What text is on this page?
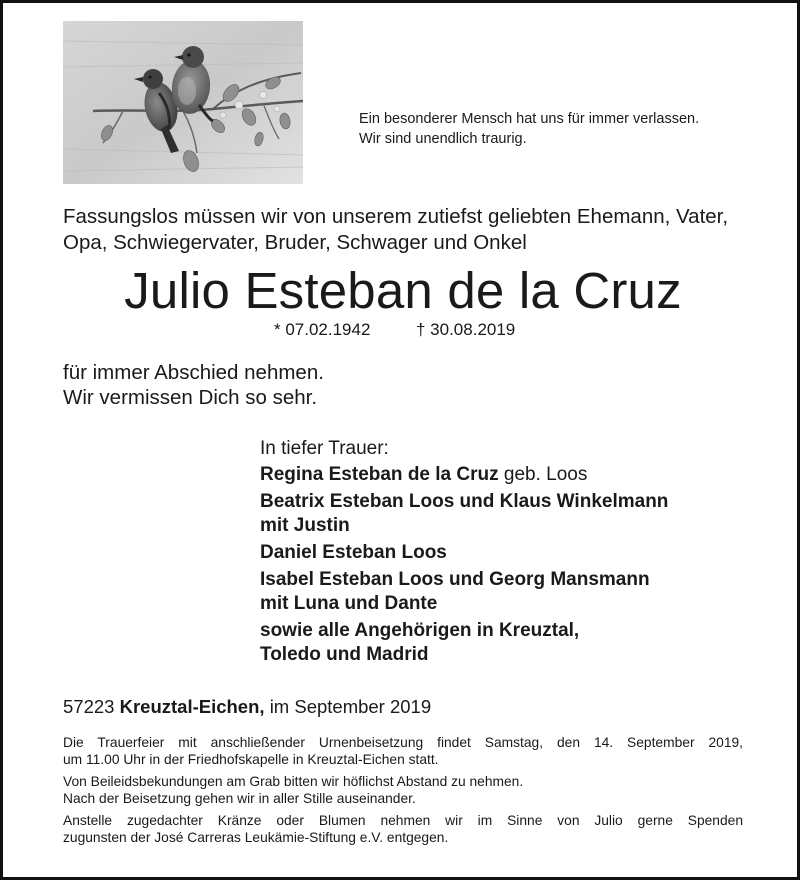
Ein besonderer Mensch hat uns für immer verlassen.
Wir sind unendlich traurig.
Fassungslos müssen wir von unserem zutiefst geliebten Ehemann, Vater,
Opa, Schwiegervater, Bruder, Schwager und Onkel
Julio Esteban de la Cruz
* 07.02.1942	† 30.08.2019
für immer Abschied nehmen.
Wir vermissen Dich so sehr.
In tiefer Trauer:
Regina Esteban de la Cruz geb. Loos
Beatrix Esteban Loos und Klaus Winkelmann
mit Justin
Daniel Esteban Loos
Isabel Esteban Loos und Georg Mansmann
mit Luna und Dante
sowie alle Angehörigen in Kreuztal,
Toledo und Madrid
57223 Kreuztal-Eichen, im September 2019

Die Trauerfeier mit anschließender Urnenbeisetzung findet Samstag, den 14. September 2019,
um 11.00 Uhr in der Friedhofskapelle in Kreuztal-Eichen statt.

Von Beileidsbekundungen am Grab bitten wir höflichst Abstand zu nehmen.
Nach der Beisetzung gehen wir in aller Stille auseinander.

Anstelle zugedachter Kränze oder Blumen nehmen wir im Sinne von Julio gerne Spenden
zugunsten der José Carreras Leukämie-Stiftung e.V. entgegen.
